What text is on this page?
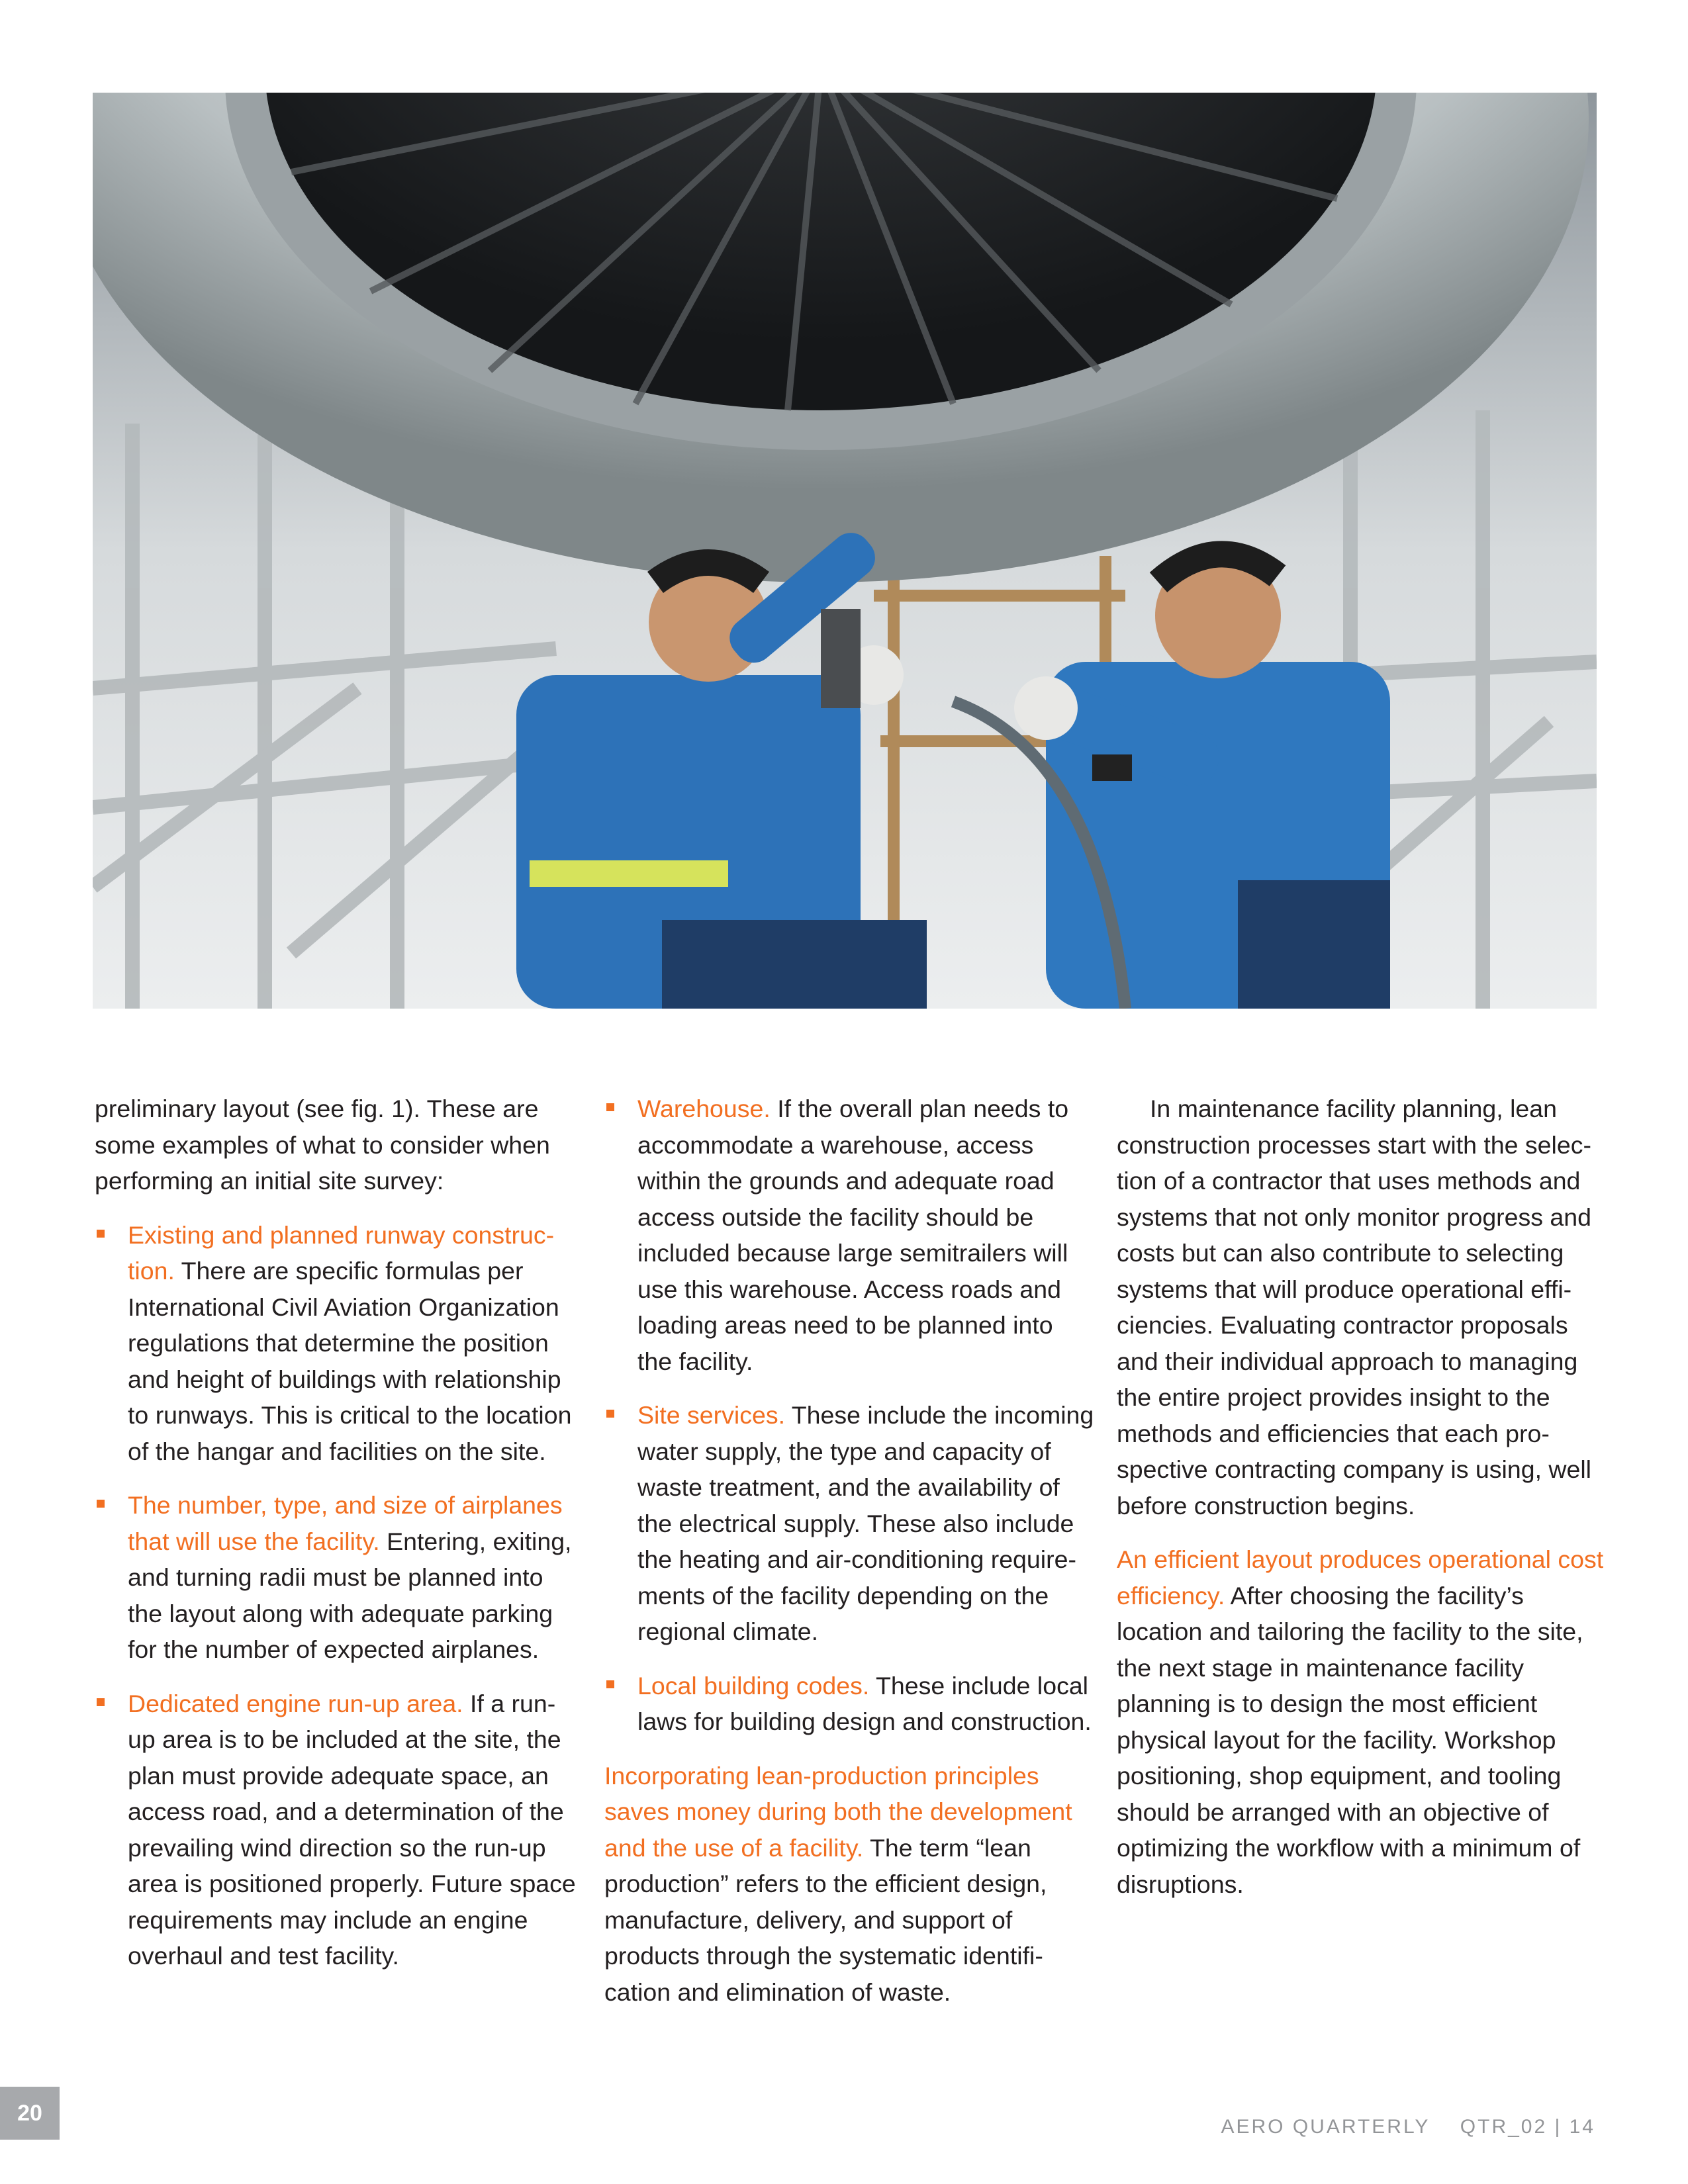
preliminary layout (see fig. 1). These are some examples of what to consider when performing an initial site survey:

Existing and planned runway construc- tion. There are specific formulas per International Civil Aviation Organization regulations that determine the position and height of buildings with relationship to runways. This is critical to the location of the hangar and facilities on the site.
The number, type, and size of airplanes that will use the facility. Entering, exiting, and turning radii must be planned into the layout along with adequate parking for the number of expected airplanes.
Dedicated engine run-up area. If a run-up area is to be included at the site, the plan must provide adequate space, an access road, and a determination of the prevailing wind direction so the run-up area is positioned properly. Future space requirements may include an engine overhaul and test facility.
Warehouse. If the overall plan needs to accommodate a warehouse, access within the grounds and adequate road access outside the facility should be included because large semitrailers will use this warehouse. Access roads and loading areas need to be planned into the facility.
Site services. These include the incoming water supply, the type and capacity of waste treatment, and the availability of the electrical supply. These also include the heating and air-conditioning require- ments of the facility depending on the regional climate.
Local building codes. These include local laws for building design and construction.

Incorporating lean-production principles saves money during both the development and the use of a facility. The term “lean production” refers to the efficient design, manufacture, delivery, and support of products through the systematic identifi- cation and elimination of waste.

In maintenance facility planning, lean construction processes start with the selec- tion of a contractor that uses methods and systems that not only monitor progress and costs but can also contribute to selecting systems that will produce operational effi- ciencies. Evaluating contractor proposals and their individual approach to managing the entire project provides insight to the methods and efficiencies that each pro- spective contracting company is using, well before construction begins.

An efficient layout produces operational cost efficiency. After choosing the facility’s location and tailoring the facility to the site, the next stage in maintenance facility planning is to design the most efficient physical layout for the facility. Workshop positioning, shop equipment, and tooling should be arranged with an objective of optimizing the workflow with a minimum of disruptions.

20
AERO QUARTERLY QTR_02 | 14
